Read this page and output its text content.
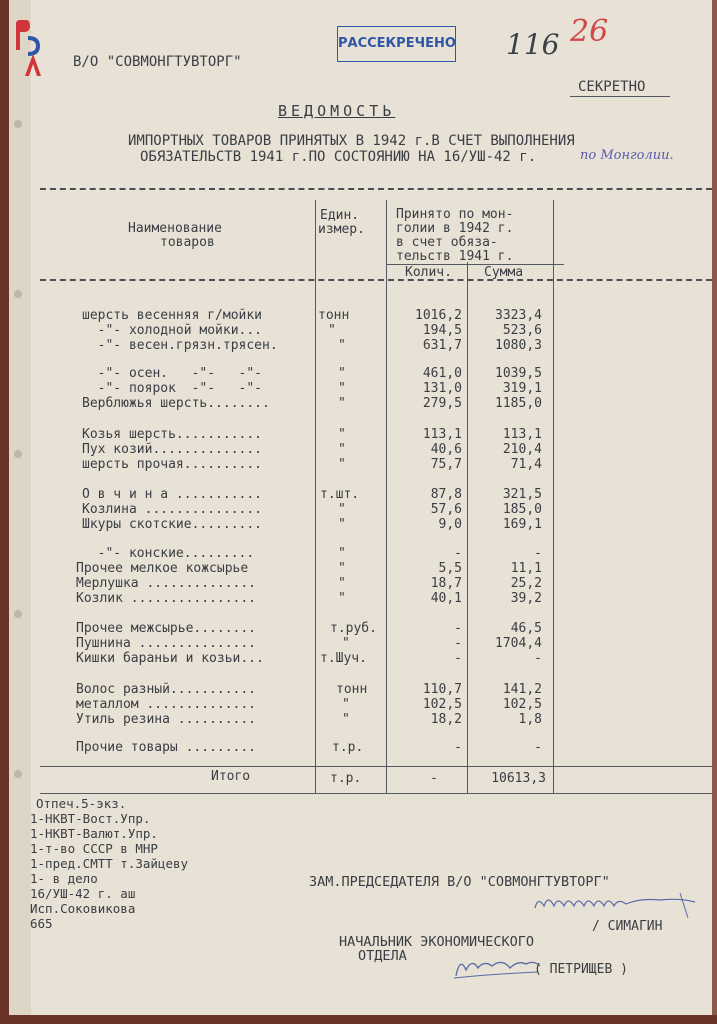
В/О "СОВМОНГТУВТОРГ"
РАССЕКРЕЧЕНО 116 26
СЕКРЕТНО
ВЕДОМОСТЬ
ИМПОРТНЫХ ТОВАРОВ ПРИНЯТЫХ В 1942 г.В СЧЕТ ВЫПОЛНЕНИЯ
ОБЯЗАТЕЛЬСТВ 1941 г.ПО СОСТОЯНИЮ НА 16/УШ-42 г.	по Монголии.
Наименование
товаров
Един.
измер.
Принято по мон-
голии в 1942 г.
в счет обяза-
тельств 1941 г.
Колич. Сумма
шерсть весенняя г/мойки	тонн	1016,2	3323,4
-"- холодной мойки...	"	194,5	523,6
-"- весен.грязн.трясен.	"	631,7	1080,3
-"- осен.   -"-   -"-	"	461,0	1039,5
-"- поярок  -"-   -"-	"	131,0	319,1
Верблюжья шерсть........	"	279,5	1185,0
Козья шерсть...........	"	113,1	113,1
Пух козий..............	"	40,6	210,4
шерсть прочая..........	"	75,7	71,4
О в ч и н а ...........	т.шт.	87,8	321,5
Козлина ...............	"	57,6	185,0
Шкуры скотские.........	"	9,0	169,1
-"- конские.........	"	-	-
Прочее мелкое кожсырье	"	5,5	11,1
Мерлушка ..............	"	18,7	25,2
Козлик ................	"	40,1	39,2
Прочее межсырье........	т.руб.	-	46,5
Пушнина ...............	"	-	1704,4
Кишки бараньи и козьи...	т.Шуч.	-	-
Волос разный...........	тонн	110,7	141,2
металлом ..............	"	102,5	102,5
Утиль резина ..........	"	18,2	1,8
Прочие товары .........	т.р.	-	-
Итого	т.р.	-	10613,3
Отпеч.5-экз.
1-НКВТ-Вост.Упр.
1-НКВТ-Валют.Упр.
1-т-во СССР в МНР
1-пред.СМТТ т.Зайцеву
1- в дело
16/УШ-42 г. аш
Исп.Соковикова
665
ЗАМ.ПРЕДСЕДАТЕЛЯ В/О "СОВМОНГТУВТОРГ"
/ СИМАГИН
НАЧАЛЬНИК ЭКОНОМИЧЕСКОГО
ОТДЕЛА
( ПЕТРИЩЕВ )
